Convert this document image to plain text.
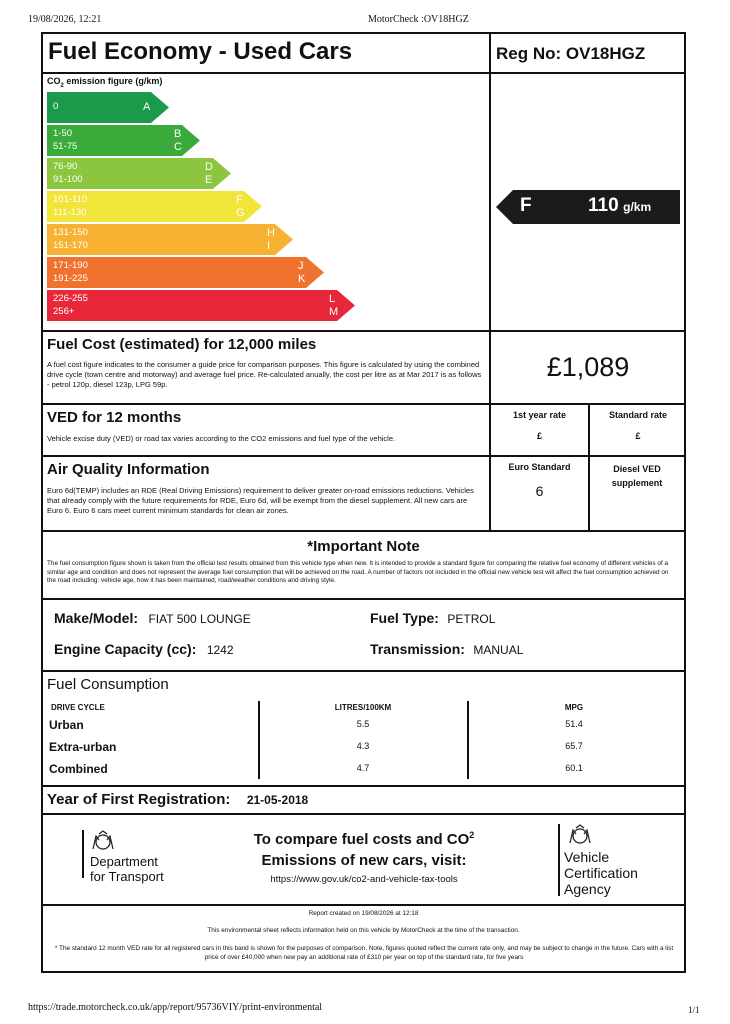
19/08/2026, 12:21	MotorCheck :OV18HGZ
Fuel Economy - Used Cars	Reg No: OV18HGZ
$CO_2$ emission figure (g/km)
0	A
1-50
51-75
B
C
76-90
91-100
D
E
101-110
111-130
F
G
131-150
151-170
H
I
171-190
191-225
J
K
226-255
256+
L
M
F	110 g/km
Fuel Cost (estimated) for 12,000 miles
A fuel cost figure indicates to the consumer a guide price for comparison purposes. This figure is calculated by using the combined drive cycle (town centre and motorway) and average fuel price. Re-calculated anually, the cost per litre as at Mar 2017 is as follows - petrol 120p, diesel 123p, LPG 59p.
£1,089
VED for 12 months
Vehicle excise duty (VED) or road tax varies according to the CO2 emissions and fuel type of the vehicle.
1st year rate
£
Standard rate
£
Air Quality Information
Euro 6d(TEMP) includes an RDE (Real Driving Emissions) requirement to deliver greater on-road emissions reductions. Vehicles that already comply with the future requirements for RDE, Euro 6d, will be exempt from the diesel supplement. All new cars are Euro 6. Euro 6 cars meet current minimum standards for clean air zones.
Euro Standard
6
Diesel VED supplement
*Important Note
The fuel consumption figure shown is taken from the official test results obtained from this vehicle type when new. It is intended to provide a standard figure for comparing the relative fuel economy of different vehicles of a similar age and condition and does not represent the average fuel consumption that will be achieved on the road. A number of factors not included in the official new vehicle test will affect the fuel consumption achieved on the road including: vehicle age, how it has been maintained, road/weather conditions and driving style.
Make/Model: FIAT 500 LOUNGE	Fuel Type: PETROL
Engine Capacity (cc): 1242	Transmission: MANUAL
Fuel Consumption
DRIVE CYCLE	LITRES/100KM	MPG
Urban	5.5	51.4
Extra-urban	4.3	65.7
Combined	4.7	60.1
Year of First Registration: 21-05-2018
Department
for Transport
To compare fuel costs and $CO^2$
Emissions of new cars, visit:
https://www.gov.uk/co2-and-vehicle-tax-tools
Vehicle
Certification
Agency
Report created on 19/08/2026 at 12:18
This environmental sheet reflects information held on this vehicle by MotorCheck at the time of the transaction.
* The standard 12 month VED rate for all registered cars in this band is shown for the purposes of comparison. Note, figures quoted reflect the current rate only, and may be subject to change in the future. Cars with a list price of over £40,000 when new pay an additional rate of £310 per year on top of the standard rate, for five years
https://trade.motorcheck.co.uk/app/report/95736VIY/print-environmental	1/1
